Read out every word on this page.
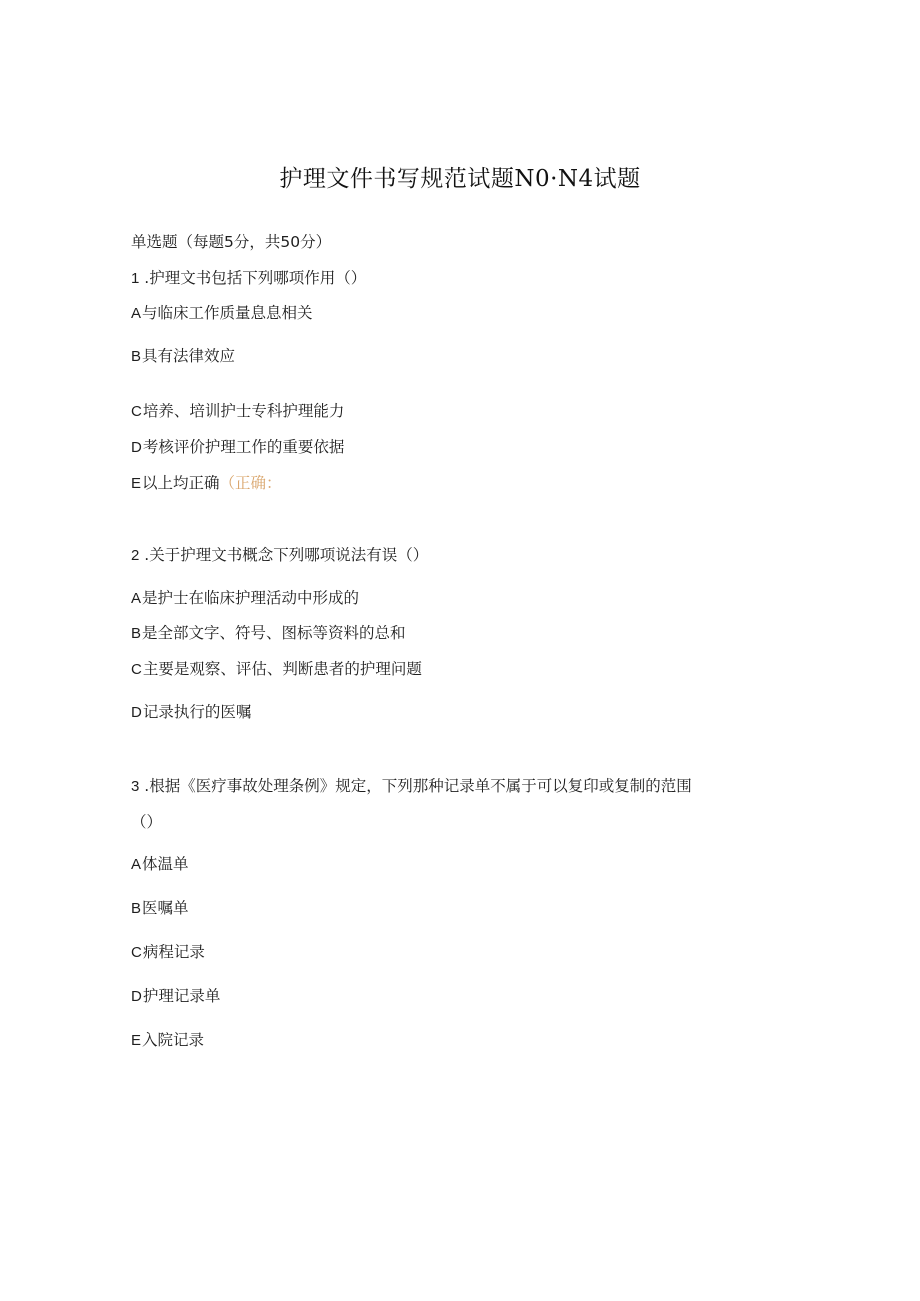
护理文件书写规范试题N0·N4试题
单选题（每题5分，共50分）
1 .护理文书包括下列哪项作用（）
A与临床工作质量息息相关
B具有法律效应
C培养、培训护士专科护理能力
D考核评价护理工作的重要依据
E以上均正确（正确：
2 .关于护理文书概念下列哪项说法有误（）
A是护士在临床护理活动中形成的
B是全部文字、符号、图标等资料的总和
C主要是观察、评估、判断患者的护理问题
D记录执行的医嘱
3 .根据《医疗事故处理条例》规定，下列那种记录单不属于可以复印或复制的范围
（）
A体温单
B医嘱单
C病程记录
D护理记录单
E入院记录
